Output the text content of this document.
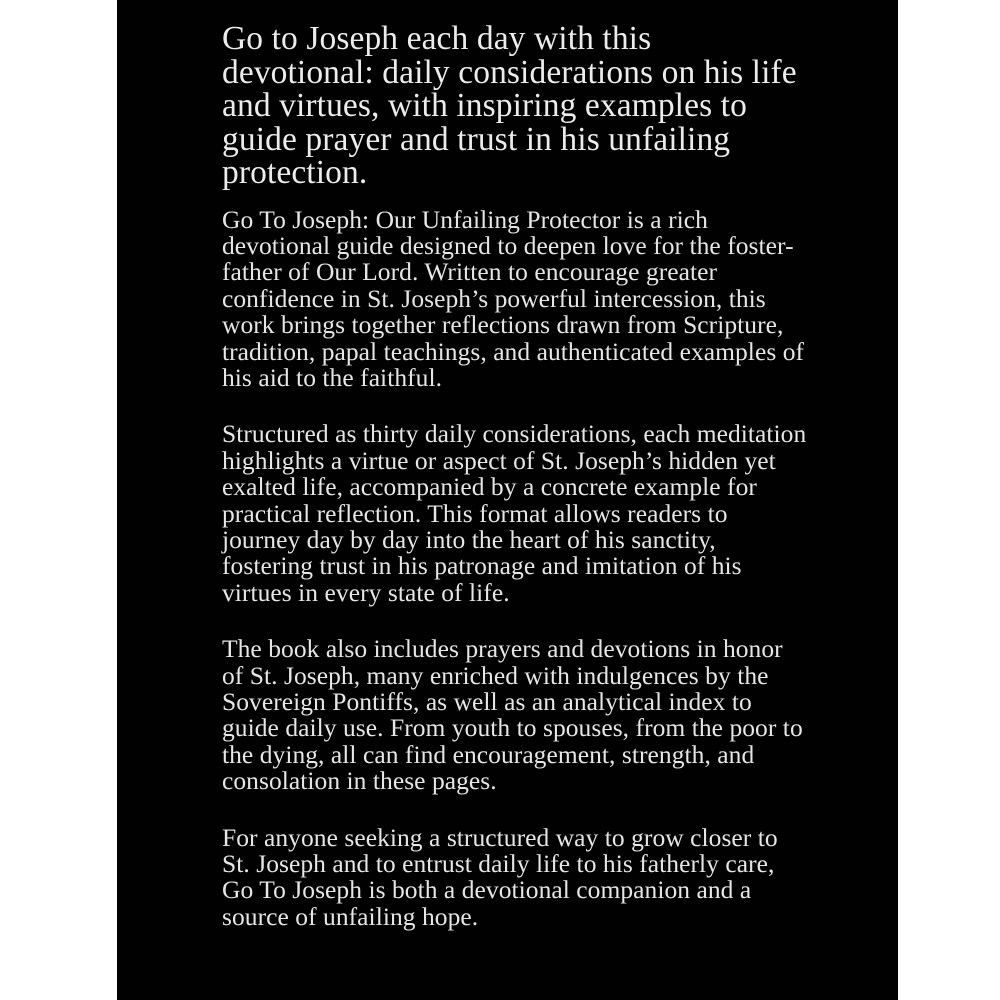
Go to Joseph each day with this devotional: daily considerations on his life and virtues, with inspiring examples to guide prayer and trust in his unfailing protection.

Go To Joseph: Our Unfailing Protector is a rich devotional guide designed to deepen love for the foster-father of Our Lord. Written to encourage greater confidence in St. Joseph’s powerful intercession, this work brings together reflections drawn from Scripture, tradition, papal teachings, and authenticated examples of his aid to the faithful.

Structured as thirty daily considerations, each meditation highlights a virtue or aspect of St. Joseph’s hidden yet exalted life, accompanied by a concrete example for practical reflection. This format allows readers to journey day by day into the heart of his sanctity, fostering trust in his patronage and imitation of his virtues in every state of life.

The book also includes prayers and devotions in honor of St. Joseph, many enriched with indulgences by the Sovereign Pontiffs, as well as an analytical index to guide daily use. From youth to spouses, from the poor to the dying, all can find encouragement, strength, and consolation in these pages.

For anyone seeking a structured way to grow closer to St. Joseph and to entrust daily life to his fatherly care, Go To Joseph is both a devotional companion and a source of unfailing hope.
